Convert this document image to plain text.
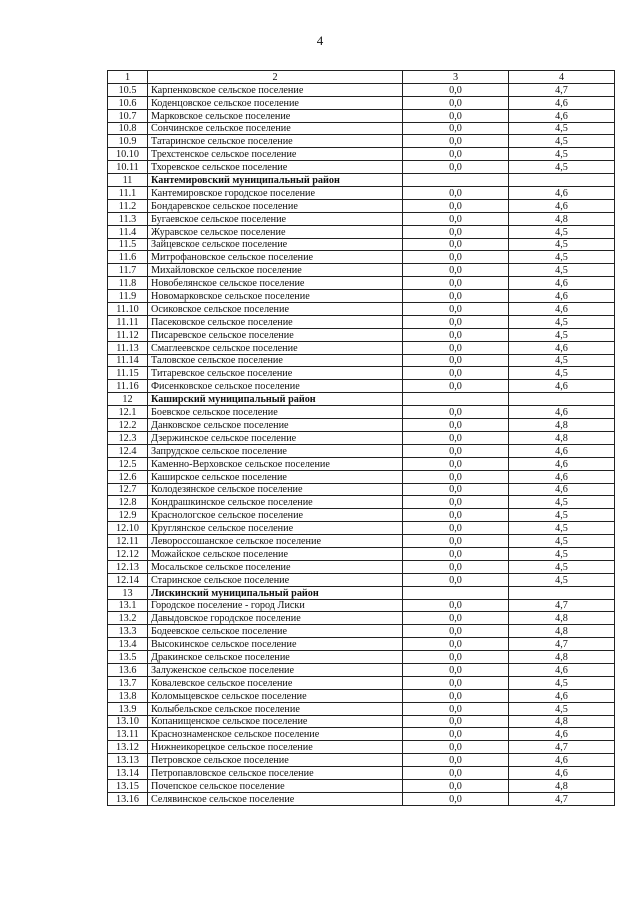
4
1	2	3	4
10.5	Карпенковское сельское поселение	0,0	4,7
10.6	Коденцовское сельское поселение	0,0	4,6
10.7	Марковское сельское поселение	0,0	4,6
10.8	Сончинское сельское поселение	0,0	4,5
10.9	Татаринское сельское поселение	0,0	4,5
10.10	Трехстенское сельское поселение	0,0	4,5
10.11	Тхоревское сельское поселение	0,0	4,5
11	Кантемировский муниципальный район		
11.1	Кантемировское городское поселение	0,0	4,6
11.2	Бондаревское сельское поселение	0,0	4,6
11.3	Бугаевское сельское поселение	0,0	4,8
11.4	Журавское сельское поселение	0,0	4,5
11.5	Зайцевское сельское поселение	0,0	4,5
11.6	Митрофановское сельское поселение	0,0	4,5
11.7	Михайловское сельское поселение	0,0	4,5
11.8	Новобелянское сельское поселение	0,0	4,6
11.9	Новомарковское сельское поселение	0,0	4,6
11.10	Осиковское сельское поселение	0,0	4,6
11.11	Пасековское сельское поселение	0,0	4,5
11.12	Писаревское сельское поселение	0,0	4,5
11.13	Смаглеевское сельское поселение	0,0	4,6
11.14	Таловское сельское поселение	0,0	4,5
11.15	Титаревское сельское поселение	0,0	4,5
11.16	Фисенковское сельское поселение	0,0	4,6
12	Каширский муниципальный район		
12.1	Боевское сельское поселение	0,0	4,6
12.2	Данковское сельское поселение	0,0	4,8
12.3	Дзержинское сельское поселение	0,0	4,8
12.4	Запрудское сельское поселение	0,0	4,6
12.5	Каменно-Верховское сельское поселение	0,0	4,6
12.6	Каширское сельское поселение	0,0	4,6
12.7	Колодезянское сельское поселение	0,0	4,6
12.8	Кондрашкинское сельское поселение	0,0	4,5
12.9	Краснологское сельское поселение	0,0	4,5
12.10	Круглянское сельское поселение	0,0	4,5
12.11	Левороссошанское сельское поселение	0,0	4,5
12.12	Можайское сельское поселение	0,0	4,5
12.13	Мосальское сельское поселение	0,0	4,5
12.14	Старинское сельское поселение	0,0	4,5
13	Лискинский муниципальный район		
13.1	Городское поселение - город Лиски	0,0	4,7
13.2	Давыдовское городское поселение	0,0	4,8
13.3	Бодеевское сельское поселение	0,0	4,8
13.4	Высокинское сельское поселение	0,0	4,7
13.5	Дракинское сельское поселение	0,0	4,8
13.6	Залуженское сельское поселение	0,0	4,6
13.7	Ковалевское сельское поселение	0,0	4,5
13.8	Коломыцевское сельское поселение	0,0	4,6
13.9	Колыбельское сельское поселение	0,0	4,5
13.10	Копанищенское сельское поселение	0,0	4,8
13.11	Краснознаменское сельское поселение	0,0	4,6
13.12	Нижнеикорецкое сельское поселение	0,0	4,7
13.13	Петровское сельское поселение	0,0	4,6
13.14	Петропавловское сельское поселение	0,0	4,6
13.15	Почепское сельское поселение	0,0	4,8
13.16	Селявинское сельское поселение	0,0	4,7
